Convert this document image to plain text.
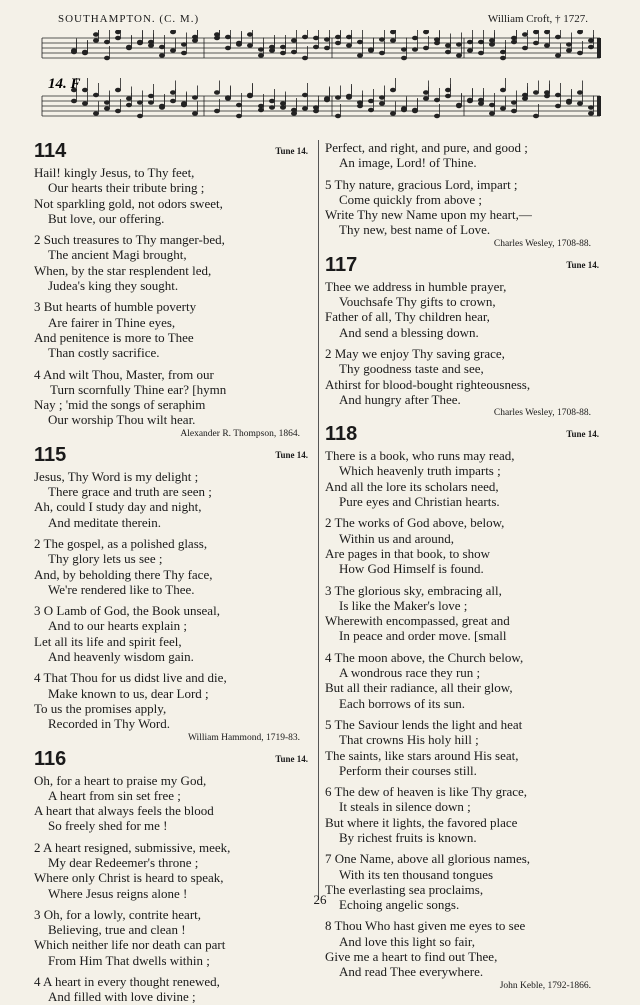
SOUTHAMPTON. (C. M.)	William Croft, † 1727.
14. F
114	Tune 14.
Hail! kingly Jesus, to Thy feet,
Our hearts their tribute bring ;
Not sparkling gold, not odors sweet,
But love, our offering.
2 Such treasures to Thy manger-bed,
The ancient Magi brought,
When, by the star resplendent led,
Judea's king they sought.
3 But hearts of humble poverty
Are fairer in Thine eyes,
And penitence is more to Thee
Than costly sacrifice.
4 And wilt Thou, Master, from our
Turn scornfully Thine ear? [hymn
Nay ; 'mid the songs of seraphim
Our worship Thou wilt hear.
Alexander R. Thompson, 1864.
115	Tune 14.
Jesus, Thy Word is my delight ;
There grace and truth are seen ;
Ah, could I study day and night,
And meditate therein.
2 The gospel, as a polished glass,
Thy glory lets us see ;
And, by beholding there Thy face,
We're rendered like to Thee.
3 O Lamb of God, the Book unseal,
And to our hearts explain ;
Let all its life and spirit feel,
And heavenly wisdom gain.
4 That Thou for us didst live and die,
Make known to us, dear Lord ;
To us the promises apply,
Recorded in Thy Word.
William Hammond, 1719-83.
116	Tune 14.
Oh, for a heart to praise my God,
A heart from sin set free ;
A heart that always feels the blood
So freely shed for me !
2 A heart resigned, submissive, meek,
My dear Redeemer's throne ;
Where only Christ is heard to speak,
Where Jesus reigns alone !
3 Oh, for a lowly, contrite heart,
Believing, true and clean !
Which neither life nor death can part
From Him That dwells within ;
4 A heart in every thought renewed,
And filled with love divine ;
Perfect, and right, and pure, and good ;
An image, Lord! of Thine.
5 Thy nature, gracious Lord, impart ;
Come quickly from above ;
Write Thy new Name upon my heart,—
Thy new, best name of Love.
Charles Wesley, 1708-88.
117	Tune 14.
Thee we address in humble prayer,
Vouchsafe Thy gifts to crown,
Father of all, Thy children hear,
And send a blessing down.
2 May we enjoy Thy saving grace,
Thy goodness taste and see,
Athirst for blood-bought righteousness,
And hungry after Thee.
Charles Wesley, 1708-88.
118	Tune 14.
There is a book, who runs may read,
Which heavenly truth imparts ;
And all the lore its scholars need,
Pure eyes and Christian hearts.
2 The works of God above, below,
Within us and around,
Are pages in that book, to show
How God Himself is found.
3 The glorious sky, embracing all,
Is like the Maker's love ;
Wherewith encompassed, great and
In peace and order move. [small
4 The moon above, the Church below,
A wondrous race they run ;
But all their radiance, all their glow,
Each borrows of its sun.
5 The Saviour lends the light and heat
That crowns His holy hill ;
The saints, like stars around His seat,
Perform their courses still.
6 The dew of heaven is like Thy grace,
It steals in silence down ;
But where it lights, the favored place
By richest fruits is known.
7 One Name, above all glorious names,
With its ten thousand tongues
The everlasting sea proclaims,
Echoing angelic songs.
8 Thou Who hast given me eyes to see
And love this light so fair,
Give me a heart to find out Thee,
And read Thee everywhere.
John Keble, 1792-1866.
26
